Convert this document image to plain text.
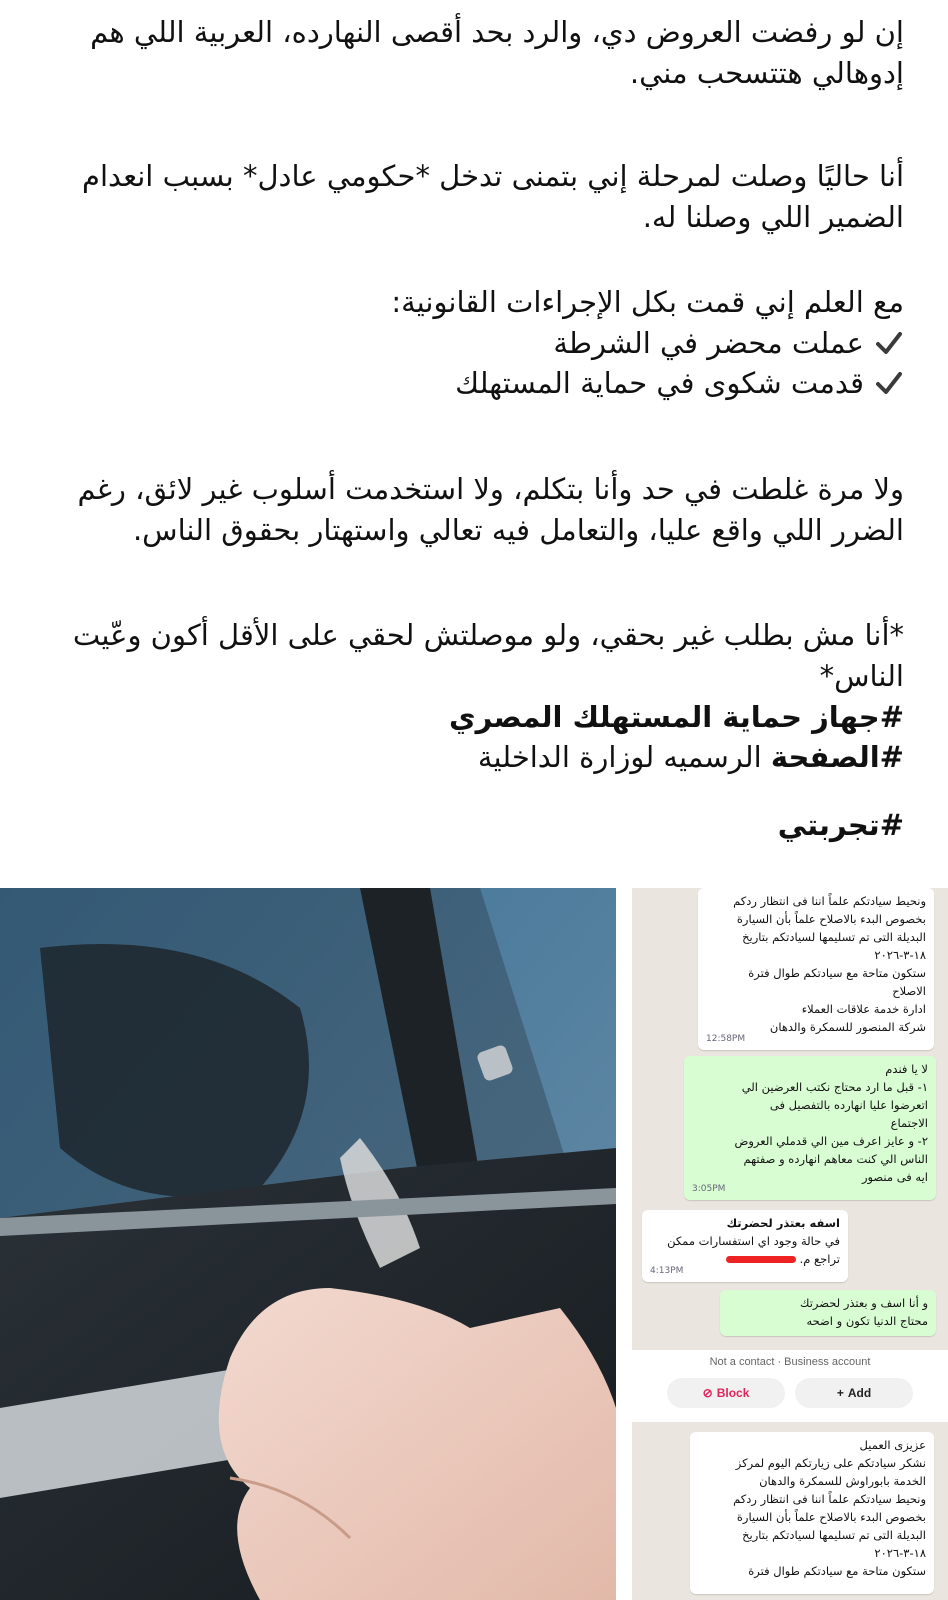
إن لو رفضت العروض دي، والرد بحد أقصى النهارده، العربية اللي هم إدوهالي هتتسحب مني.

أنا حاليًا وصلت لمرحلة إني بتمنى تدخل *حكومي عادل* بسبب انعدام الضمير اللي وصلنا له.

مع العلم إني قمت بكل الإجراءات القانونية:

عملت محضر في الشرطة
قدمت شكوى في حماية المستهلك

ولا مرة غلطت في حد وأنا بتكلم، ولا استخدمت أسلوب غير لائق، رغم الضرر اللي واقع عليا، والتعامل فيه تعالي واستهتار بحقوق الناس.

*أنا مش بطلب غير بحقي، ولو موصلتش لحقي على الأقل أكون وعّيت الناس*

#جهاز حماية المستهلك المصري
#الصفحة الرسميه لوزارة الداخلية
#تجربتي
ونحيط سيادتكم علماً اننا فى انتظار ردكم
بخصوص البدء بالاصلاح علماً بأن السيارة
البديلة التى تم تسليمها لسيادتكم بتاريخ
١٨-٣-٢٠٢٦
ستكون متاحة مع سيادتكم طوال فترة
الاصلاح
ادارة خدمة علاقات العملاء
شركة المنصور للسمكرة والدهان
12:58PM
لا يا فندم
١- قبل ما ارد محتاج نكتب العرضين الي
اتعرضوا عليا انهارده بالتفصيل فى
الاجتماع
٢- و عايز اعرف مين الي قدملي العروض
الناس الي كنت معاهم انهارده و صفتهم
ايه فى منصور
3:05PM
اسفه بعتذر لحضرتك
في حالة وجود اي استفسارات ممكن
تراجع م.
4:13PM
و أنا اسف و بعتذر لحضرتك
محتاج الدنيا تكون و اضحه
Not a contact · Business account
⊘ Block	+ Add
عزيزى العميل
نشكر سيادتكم على زيارتكم اليوم لمركز
الخدمة بابوراوش للسمكرة والدهان
ونحيط سيادتكم علماً اننا فى انتظار ردكم
بخصوص البدء بالاصلاح علماً بأن السيارة
البديلة التى تم تسليمها لسيادتكم بتاريخ
١٨-٣-٢٠٢٦
ستكون متاحة مع سيادتكم طوال فترة
